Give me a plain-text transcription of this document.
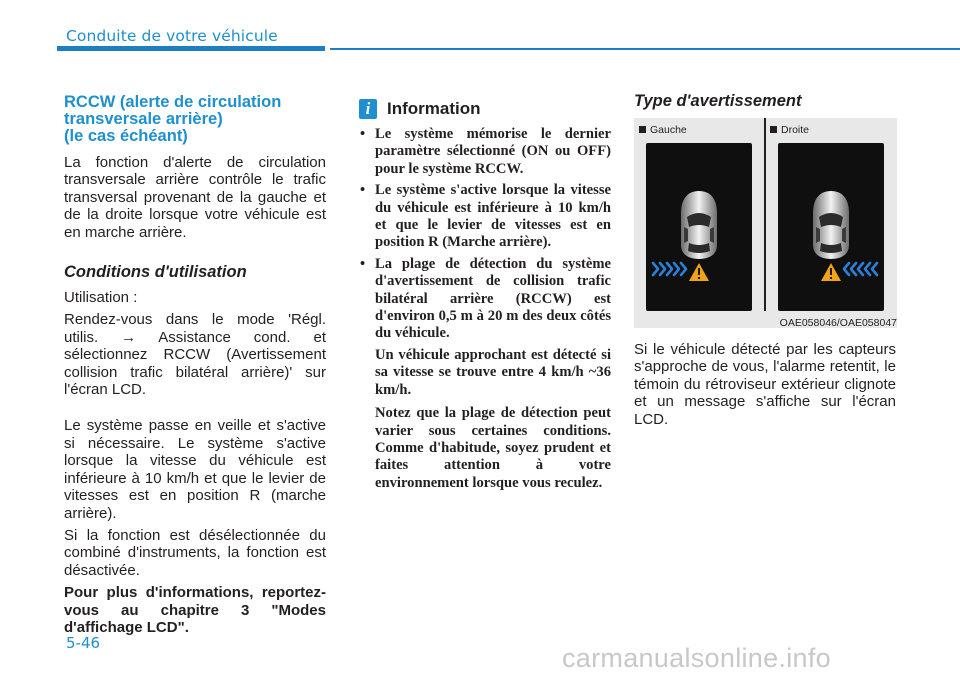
Conduite de votre véhicule
RCCW (alerte de circulation
transversale arrière)
(le cas échéant)

La fonction d'alerte de circulation transversale arrière contrôle le trafic transversal provenant de la gauche et de la droite lorsque votre véhicule est en marche arrière.

Conditions d'utilisation

Utilisation :

Rendez-vous dans le mode 'Régl. utilis. → Assistance cond. et sélectionnez RCCW (Avertissement collision trafic bilatéral arrière)' sur l'écran LCD.

Le système passe en veille et s'active si nécessaire. Le système s'active lorsque la vitesse du véhicule est inférieure à 10 km/h et que le levier de vitesses est en position R (marche arrière).

Si la fonction est désélectionnée du combiné d'instruments, la fonction est désactivée.

Pour plus d'informations, reportez-vous au chapitre 3 "Modes d'affichage LCD".

i Information
• Le système mémorise le dernier paramètre sélectionné (ON ou OFF) pour le système RCCW.
• Le système s'active lorsque la vitesse du véhicule est inférieure à 10 km/h et que le levier de vitesses est en position R (Marche arrière).
• La plage de détection du système d'avertissement de collision trafic bilatéral arrière (RCCW) est d'environ 0,5 m à 20 m des deux côtés du véhicule.

Un véhicule approchant est détecté si sa vitesse se trouve entre 4 km/h ~36 km/h.

Notez que la plage de détection peut varier sous certaines conditions. Comme d'habitude, soyez prudent et faites attention à votre environnement lorsque vous reculez.

Type d'avertissement
Gauche	Droite
OAE058046/OAE058047

Si le véhicule détecté par les capteurs s'approche de vous, l'alarme retentit, le témoin du rétroviseur extérieur clignote et un message s'affiche sur l'écran LCD.

5-46	carmanualsonline.info
